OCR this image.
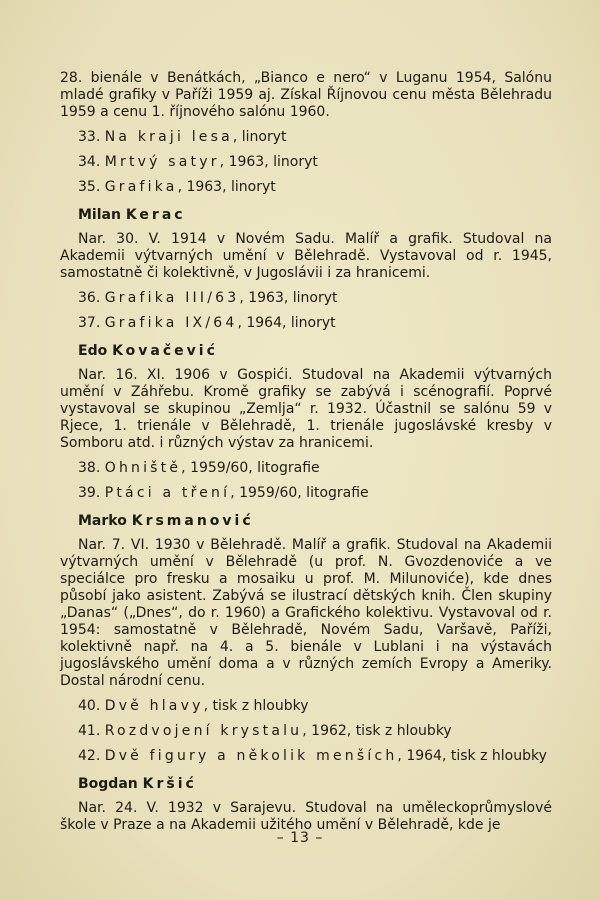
28. bienále v Benátkách, „Bianco e nero“ v Luganu 1954, Salónu mladé grafiky v Paříži 1959 aj. Získal Říjnovou cenu města Bělehradu 1959 a cenu 1. říjnového salónu 1960.

33. Na kraji lesa, linoryt
34. Mrtvý satyr, 1963, linoryt
35. Grafika, 1963, linoryt
Milan Kerac

Nar. 30. V. 1914 v Novém Sadu. Malíř a grafik. Studoval na Akademii výtvarných umění v Bělehradě. Vystavoval od r. 1945, samostatně či kolektivně, v Jugoslávii i za hranicemi.

36. Grafika III/63, 1963, linoryt
37. Grafika IX/64, 1964, linoryt
Edo Kovačević

Nar. 16. XI. 1906 v Gospići. Studoval na Akademii výtvarných umění v Záhřebu. Kromě grafiky se zabývá i scénografií. Poprvé vystavoval se skupinou „Zemlja“ r. 1932. Účastnil se salónu 59 v Rjece, 1. trienále v Bělehradě, 1. trienále jugoslávské kresby v Somboru atd. i různých výstav za hranicemi.

38. Ohniště, 1959/60, litografie
39. Ptáci a tření, 1959/60, litografie
Marko Krsmanović

Nar. 7. VI. 1930 v Bělehradě. Malíř a grafik. Studoval na Akademii výtvarných umění v Bělehradě (u prof. N. Gvozdenoviće a ve speciálce pro fresku a mosaiku u prof. M. Milunoviće), kde dnes působí jako asistent. Zabývá se ilustrací dětských knih. Člen skupiny „Danas“ („Dnes“, do r. 1960) a Grafického kolektivu. Vystavoval od r. 1954: samostatně v Bělehradě, Novém Sadu, Varšavě, Paříži, kolektivně např. na 4. a 5. bienále v Lublani i na výstavách jugoslávského umění doma a v různých zemích Evropy a Ameriky. Dostal národní cenu.

40. Dvě hlavy, tisk z hloubky
41. Rozdvojení krystalu, 1962, tisk z hloubky
42. Dvě figury a několik menších, 1964, tisk z hloubky
Bogdan Kršić

Nar. 24. V. 1932 v Sarajevu. Studoval na uměleckoprůmyslové škole v Praze a na Akademii užitého umění v Bělehradě, kde je

– 13 –
